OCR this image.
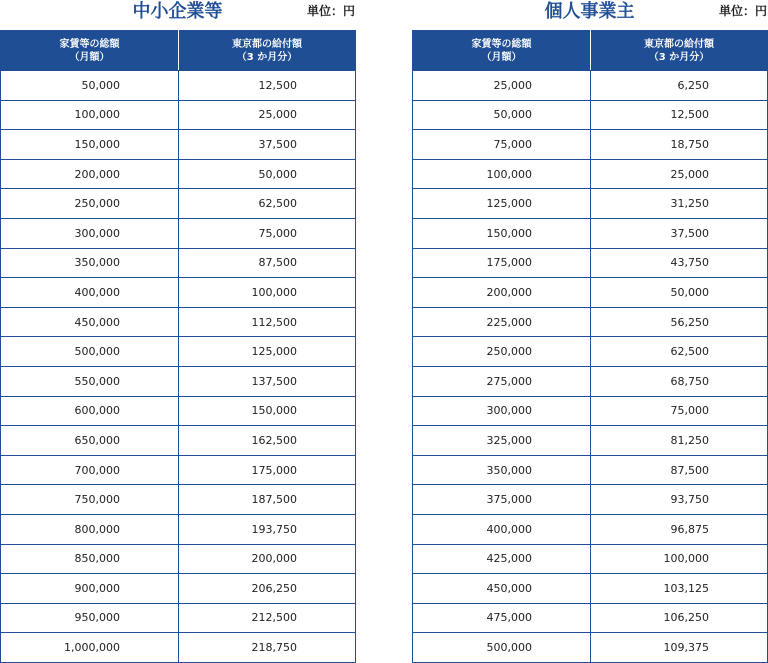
中小企業等	単位：円
家賃等の総額
（月額）	東京都の給付額
（3 か月分）
50,000	12,500
100,000	25,000
150,000	37,500
200,000	50,000
250,000	62,500
300,000	75,000
350,000	87,500
400,000	100,000
450,000	112,500
500,000	125,000
550,000	137,500
600,000	150,000
650,000	162,500
700,000	175,000
750,000	187,500
800,000	193,750
850,000	200,000
900,000	206,250
950,000	212,500
1,000,000	218,750
個人事業主	単位：円
家賃等の総額
（月額）	東京都の給付額
（3 か月分）
25,000	6,250
50,000	12,500
75,000	18,750
100,000	25,000
125,000	31,250
150,000	37,500
175,000	43,750
200,000	50,000
225,000	56,250
250,000	62,500
275,000	68,750
300,000	75,000
325,000	81,250
350,000	87,500
375,000	93,750
400,000	96,875
425,000	100,000
450,000	103,125
475,000	106,250
500,000	109,375
